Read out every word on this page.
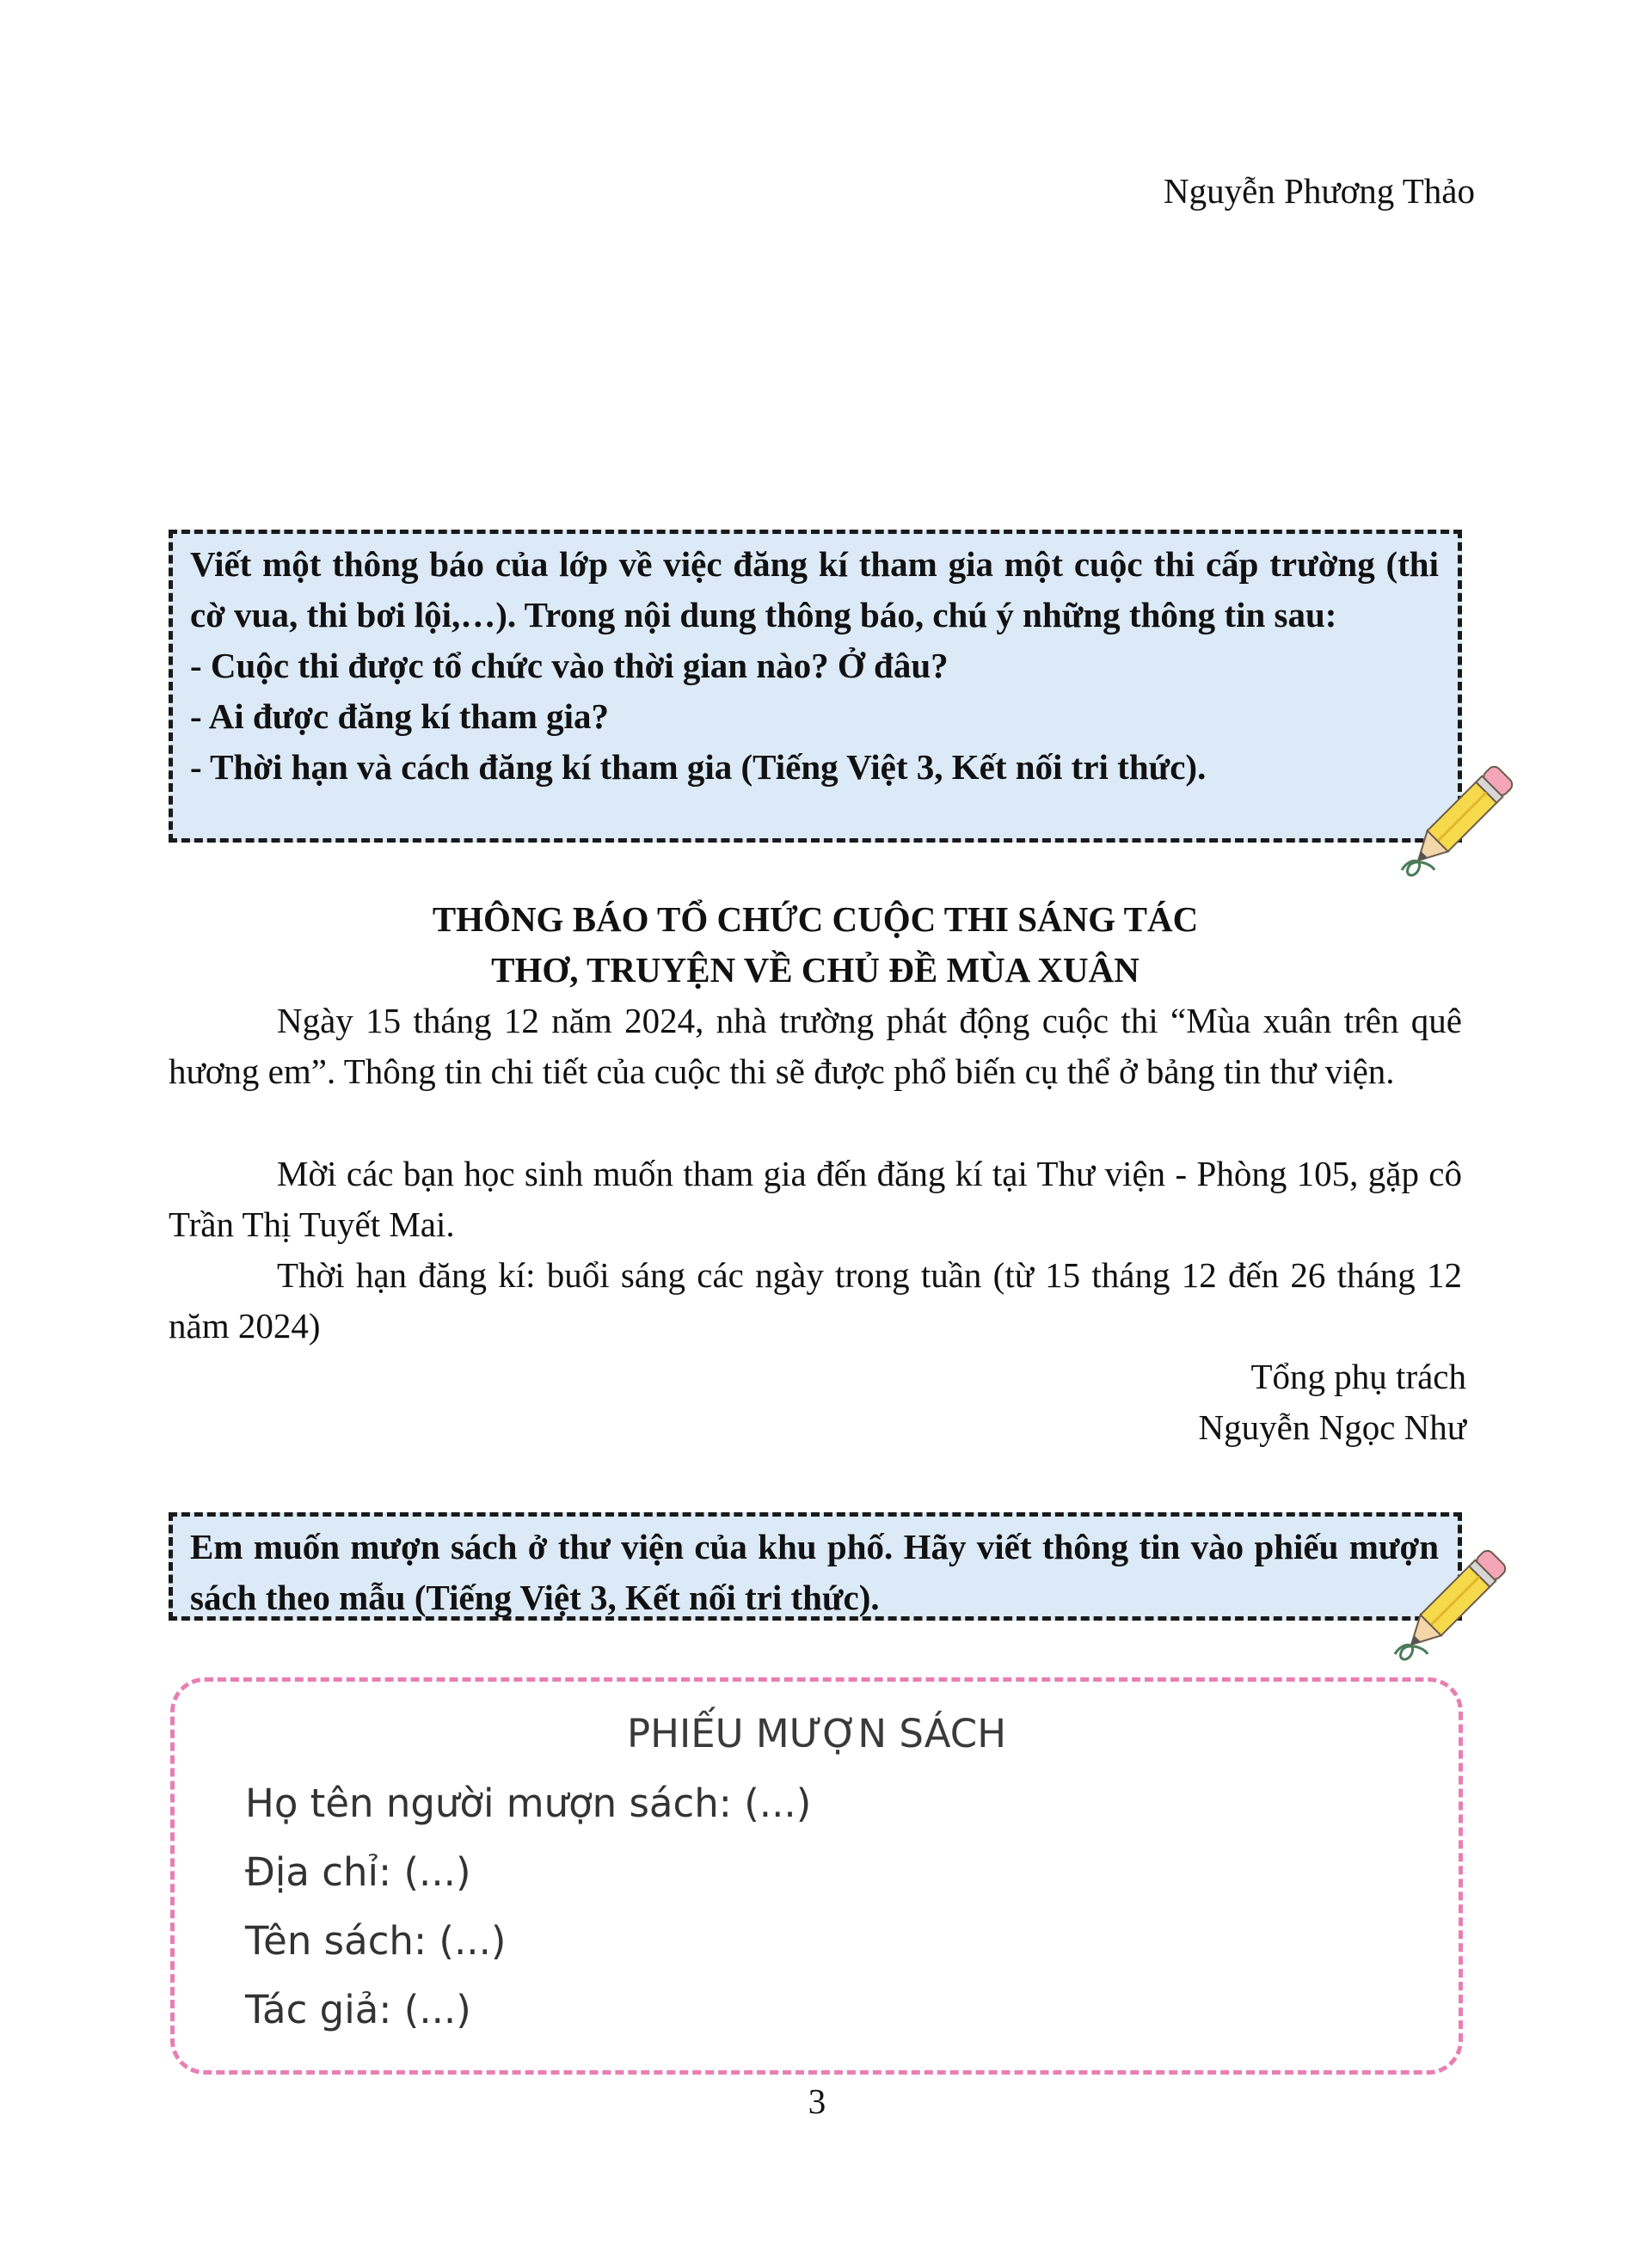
Nguyễn Phương Thảo

Viết một thông báo của lớp về việc đăng kí tham gia một cuộc thi cấp trường (thi cờ vua, thi bơi lội,…). Trong nội dung thông báo, chú ý những thông tin sau:

- Cuộc thi được tổ chức vào thời gian nào? Ở đâu?

- Ai được đăng kí tham gia?

- Thời hạn và cách đăng kí tham gia (Tiếng Việt 3, Kết nối tri thức).

THÔNG BÁO TỔ CHỨC CUỘC THI SÁNG TÁC
THƠ, TRUYỆN VỀ CHỦ ĐỀ MÙA XUÂN

Ngày 15 tháng 12 năm 2024, nhà trường phát động cuộc thi “Mùa xuân trên quê hương em”. Thông tin chi tiết của cuộc thi sẽ được phổ biến cụ thể ở bảng tin thư viện.

Mời các bạn học sinh muốn tham gia đến đăng kí tại Thư viện - Phòng 105, gặp cô Trần Thị Tuyết Mai.

Thời hạn đăng kí: buổi sáng các ngày trong tuần (từ 15 tháng 12 đến 26 tháng 12 năm 2024)

Tổng phụ trách
Nguyễn Ngọc Như

Em muốn mượn sách ở thư viện của khu phố. Hãy viết thông tin vào phiếu mượn sách theo mẫu (Tiếng Việt 3, Kết nối tri thức).

PHIẾU MƯỢN SÁCH
Họ tên người mượn sách: (...)
Địa chỉ: (...)
Tên sách: (...)
Tác giả: (...)
3
